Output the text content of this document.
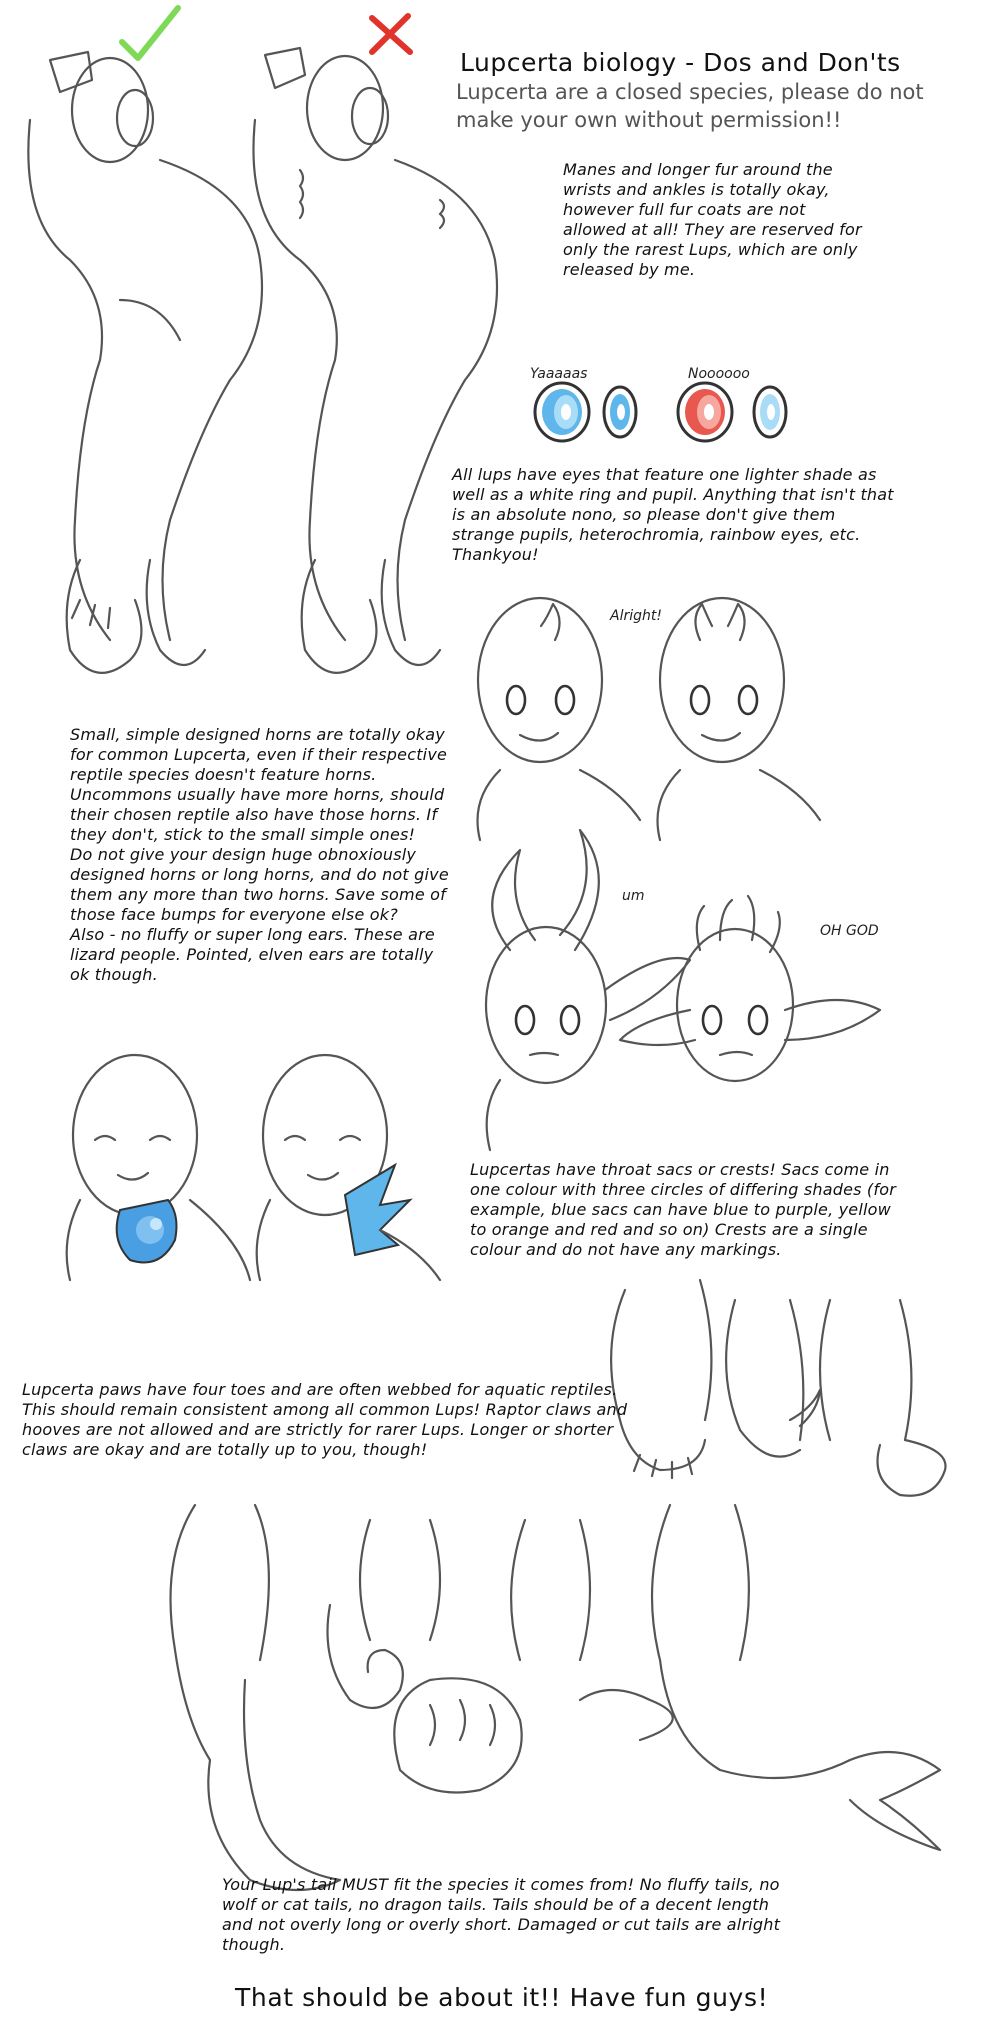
Yaaaaas	Noooooo
Alright!
um
OH GOD
Lupcerta biology - Dos and Don'ts
Lupcerta are a closed species, please do not make your own without permission!!
Manes and longer fur around the wrists and ankles is totally okay, however full fur coats are not allowed at all! They are reserved for only the rarest Lups, which are only released by me.
All lups have eyes that feature one lighter shade as well as a white ring and pupil. Anything that isn't that is an absolute nono, so please don't give them strange pupils, heterochromia, rainbow eyes, etc. Thankyou!

Small, simple designed horns are totally okay for common Lupcerta, even if their respective reptile species doesn't feature horns. Uncommons usually have more horns, should their chosen reptile also have those horns. If they don't, stick to the small simple ones!

Do not give your design huge obnoxiously designed horns or long horns, and do not give them any more than two horns. Save some of those face bumps for everyone else ok?

Also - no fluffy or super long ears. These are lizard people. Pointed, elven ears are totally ok though.

Lupcertas have throat sacs or crests! Sacs come in one colour with three circles of differing shades (for example, blue sacs can have blue to purple, yellow to orange and red and so on) Crests are a single colour and do not have any markings.
Lupcerta paws have four toes and are often webbed for aquatic reptiles. This should remain consistent among all common Lups! Raptor claws and hooves are not allowed and are strictly for rarer Lups. Longer or shorter claws are okay and are totally up to you, though!
Your Lup's tail MUST fit the species it comes from! No fluffy tails, no wolf or cat tails, no dragon tails. Tails should be of a decent length and not overly long or overly short. Damaged or cut tails are alright though.
That should be about it!! Have fun guys!
